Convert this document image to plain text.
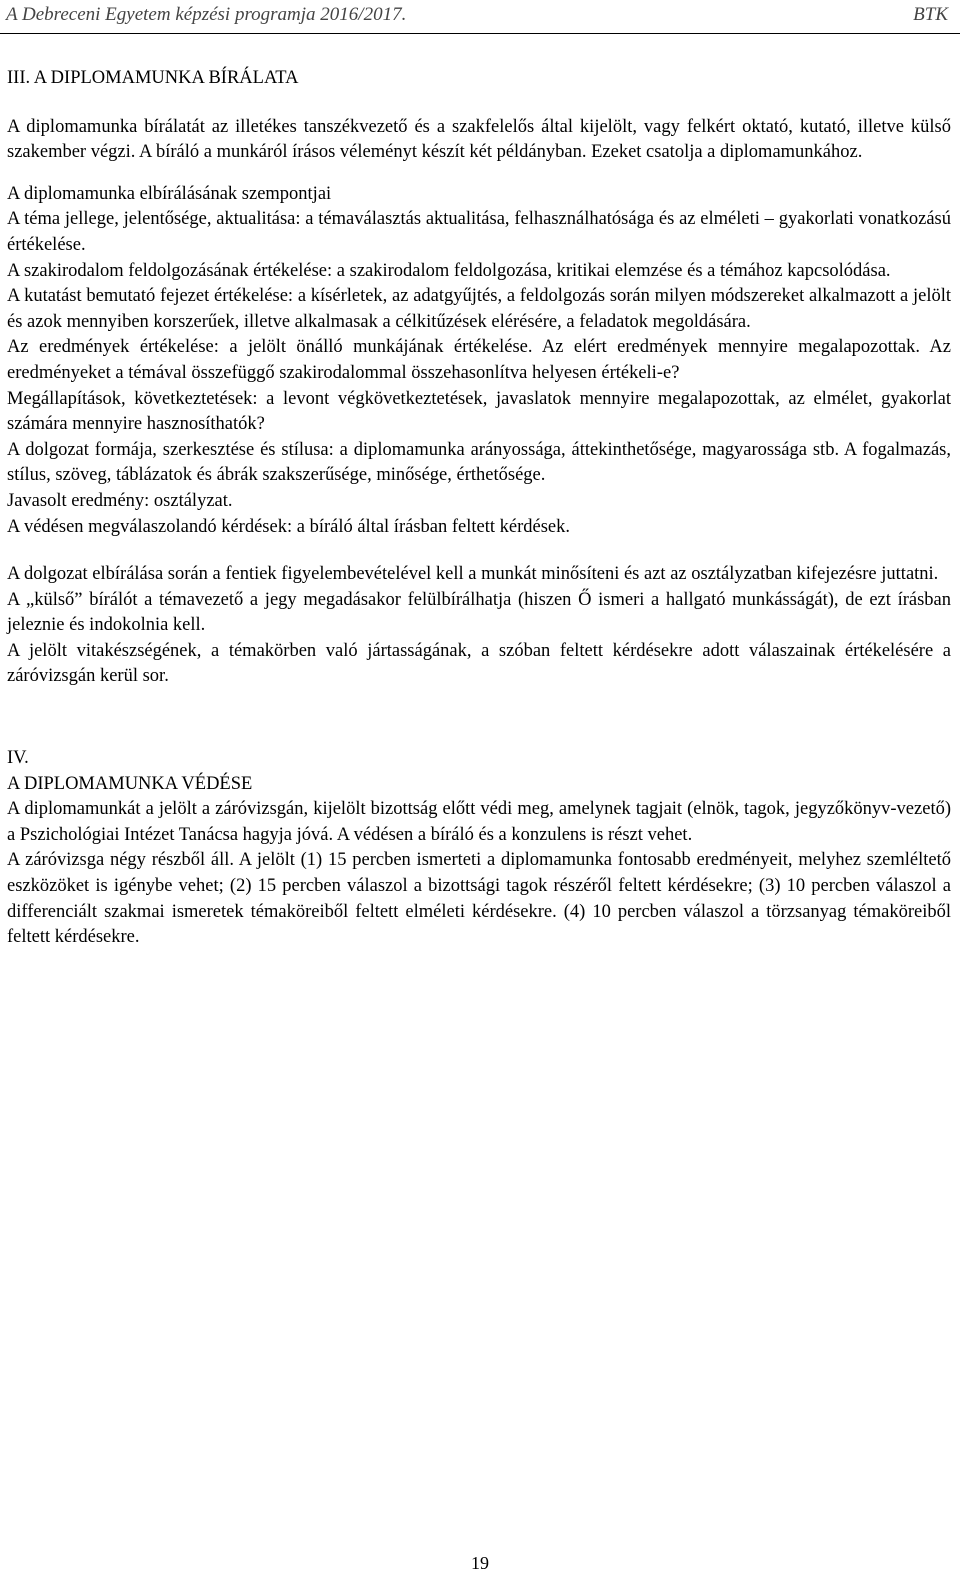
A Debreceni Egyetem képzési programja 2016/2017.	BTK
III. A DIPLOMAMUNKA BÍRÁLATA

A diplomamunka bírálatát az illetékes tanszékvezető és a szakfelelős által kijelölt, vagy felkért oktató, kutató, illetve külső szakember végzi. A bíráló a munkáról írásos véleményt készít két példányban. Ezeket csatolja a diplomamunkához.

A diplomamunka elbírálásának szempontjai

A téma jellege, jelentősége, aktualitása: a témaválasztás aktualitása, felhasználhatósága és az elméleti – gyakorlati vonatkozású értékelése.

A szakirodalom feldolgozásának értékelése: a szakirodalom feldolgozása, kritikai elemzése és a témához kapcsolódása.

A kutatást bemutató fejezet értékelése: a kísérletek, az adatgyűjtés, a feldolgozás során milyen módszereket alkalmazott a jelölt és azok mennyiben korszerűek, illetve alkalmasak a célkitűzések elérésére, a feladatok megoldására.

Az eredmények értékelése: a jelölt önálló munkájának értékelése. Az elért eredmények mennyire megalapozottak. Az eredményeket a témával összefüggő szakirodalommal összehasonlítva helyesen értékeli-e?

Megállapítások, következtetések: a levont végkövetkeztetések, javaslatok mennyire megalapozottak, az elmélet, gyakorlat számára mennyire hasznosíthatók?

A dolgozat formája, szerkesztése és stílusa: a diplomamunka arányossága, áttekinthetősége, magyarossága stb. A fogalmazás, stílus, szöveg, táblázatok és ábrák szakszerűsége, minősége, érthetősége.

Javasolt eredmény: osztályzat.

A védésen megválaszolandó kérdések: a bíráló által írásban feltett kérdések.

A dolgozat elbírálása során a fentiek figyelembevételével kell a munkát minősíteni és azt az osztályzatban kifejezésre juttatni.

A „külső” bírálót a témavezető a jegy megadásakor felülbírálhatja (hiszen Ő ismeri a hallgató munkásságát), de ezt írásban jeleznie és indokolnia kell.

A jelölt vitakészségének, a témakörben való jártasságának, a szóban feltett kérdésekre adott válaszainak értékelésére a záróvizsgán kerül sor.

IV.
A DIPLOMAMUNKA VÉDÉSE

A diplomamunkát a jelölt a záróvizsgán, kijelölt bizottság előtt védi meg, amelynek tagjait (elnök, tagok, jegyzőkönyv-vezető) a Pszichológiai Intézet Tanácsa hagyja jóvá. A védésen a bíráló és a konzulens is részt vehet.

A záróvizsga négy részből áll. A jelölt (1) 15 percben ismerteti a diplomamunka fontosabb eredményeit, melyhez szemléltető eszközöket is igénybe vehet; (2) 15 percben válaszol a bizottsági tagok részéről feltett kérdésekre; (3) 10 percben válaszol a differenciált szakmai ismeretek témaköreiből feltett elméleti kérdésekre. (4) 10 percben válaszol a törzsanyag témaköreiből feltett kérdésekre.

19
